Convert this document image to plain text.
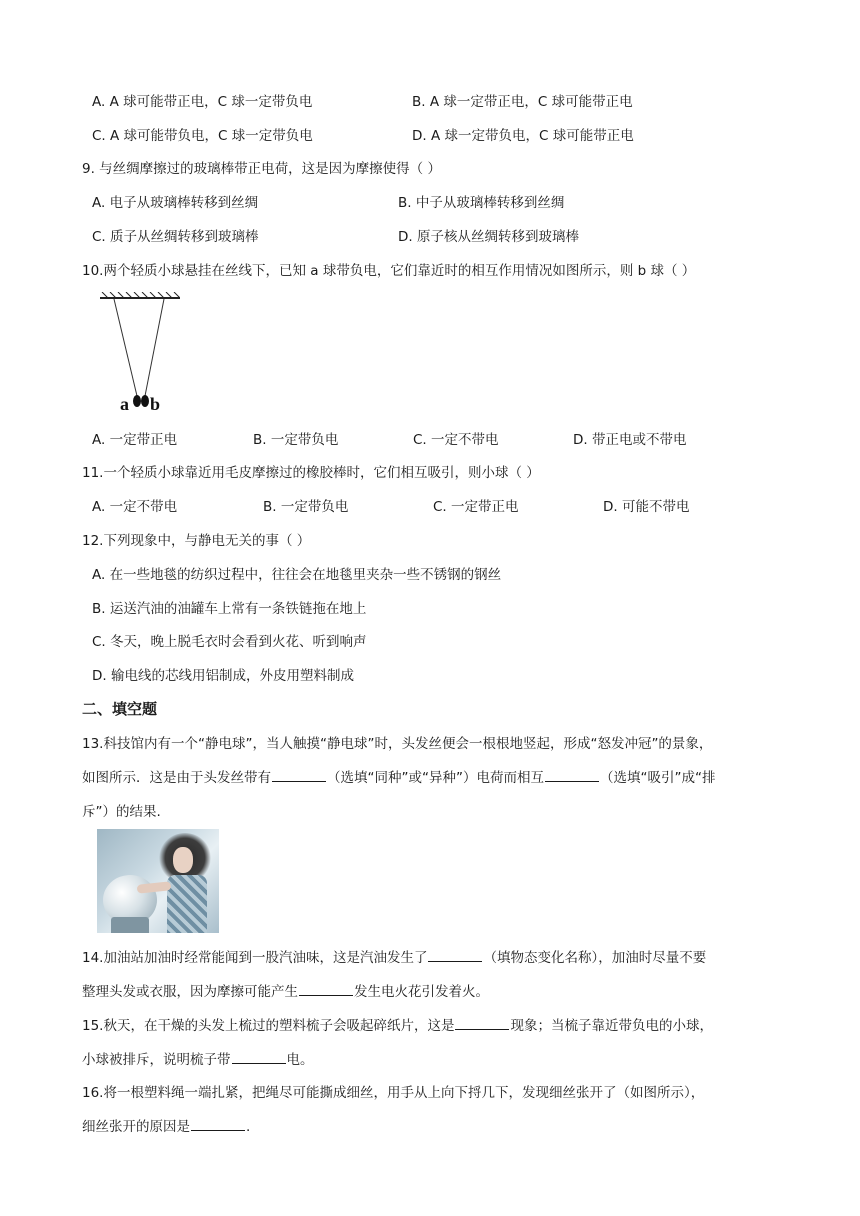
A. A 球可能带正电，C 球一定带负电	B. A 球一定带正电，C 球可能带正电
C. A 球可能带负电，C 球一定带负电	D. A 球一定带负电，C 球可能带正电
9. 与丝绸摩擦过的玻璃棒带正电荷，这是因为摩擦使得（ ）
A. 电子从玻璃棒转移到丝绸	B. 中子从玻璃棒转移到丝绸
C. 质子从丝绸转移到玻璃棒	D. 原子核从丝绸转移到玻璃棒
10.两个轻质小球悬挂在丝线下，已知 a 球带负电，它们靠近时的相互作用情况如图所示，则 b 球（ ）
a b
A. 一定带正电	B. 一定带负电	C. 一定不带电	D. 带正电或不带电
11.一个轻质小球靠近用毛皮摩擦过的橡胶棒时，它们相互吸引，则小球（ ）
A. 一定不带电	B. 一定带负电	C. 一定带正电	D. 可能不带电
12.下列现象中，与静电无关的事（ ）
A. 在一些地毯的纺织过程中，往往会在地毯里夹杂一些不锈钢的钢丝
B. 运送汽油的油罐车上常有一条铁链拖在地上
C. 冬天，晚上脱毛衣时会看到火花、听到响声
D. 输电线的芯线用铝制成，外皮用塑料制成
二、填空题
13.科技馆内有一个“静电球”，当人触摸“静电球”时，头发丝便会一根根地竖起，形成“怒发冲冠”的景象，
如图所示．这是由于头发丝带有	（选填“同种”或“异种”）电荷而相互	（选填“吸引”成“排
斥”）的结果.
14.加油站加油时经常能闻到一股汽油味，这是汽油发生了	（填物态变化名称），加油时尽量不要
整理头发或衣服，因为摩擦可能产生	发生电火花引发着火。
15.秋天，在干燥的头发上梳过的塑料梳子会吸起碎纸片，这是	现象；当梳子靠近带负电的小球，
小球被排斥，说明梳子带	电。
16.将一根塑料绳一端扎紧，把绳尽可能撕成细丝，用手从上向下捋几下，发现细丝张开了（如图所示），
细丝张开的原因是	.
